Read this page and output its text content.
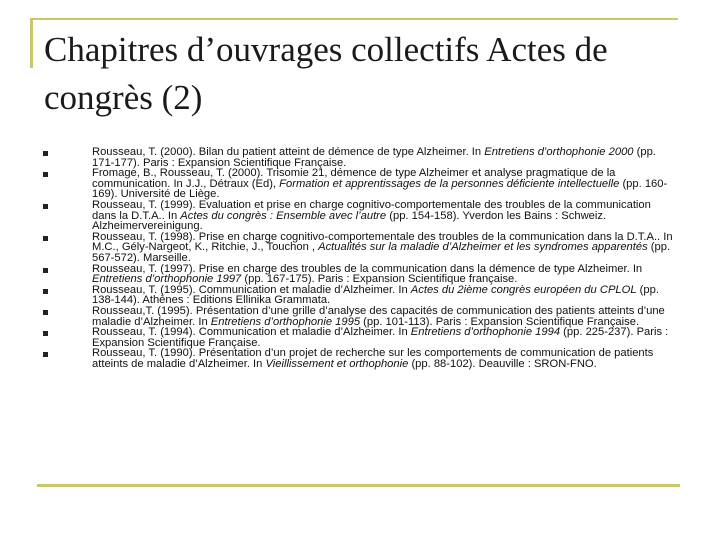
Chapitres d’ouvrages collectifs Actes de congrès (2)
Rousseau, T. (2000). Bilan du patient atteint de démence de type Alzheimer. In Entretiens d’orthophonie 2000 (pp. 171-177). Paris : Expansion Scientifique Française.
Fromage, B., Rousseau, T. (2000). Trisomie 21, démence de type Alzheimer et analyse pragmatique de la communication. In J.J., Détraux (Ed), Formation et apprentissages de la personnes déficiente intellectuelle (pp. 160-169). Université de Liège.
Rousseau, T. (1999). Evaluation et prise en charge cognitivo-comportementale des troubles de la communication dans la D.T.A.. In Actes du congrès : Ensemble avec l’autre (pp. 154-158). Yverdon les Bains : Schweiz. Alzheimervereinigung.
Rousseau, T. (1998). Prise en charge cognitivo-comportementale des troubles de la communication dans la D.T.A.. In M.C., Gély-Nargeot, K., Ritchie, J., Touchon , Actualités sur la maladie d’Alzheimer et les syndromes apparentés (pp. 567-572). Marseille.
Rousseau, T. (1997). Prise en charge des troubles de la communication dans la démence de type Alzheimer. In Entretiens d’orthophonie 1997 (pp. 167-175). Paris : Expansion Scientifique française.
Rousseau, T. (1995). Communication et maladie d’Alzheimer. In Actes du 2ième congrès européen du CPLOL (pp. 138-144). Athènes : Editions Ellinika Grammata.
Rousseau,T. (1995). Présentation d’une grille d’analyse des capacités de communication des patients atteints d’une maladie d’Alzheimer. In Entretiens d’orthophonie 1995 (pp. 101-113). Paris : Expansion Scientifique Française.
Rousseau, T. (1994). Communication et maladie d’Alzheimer. In Entretiens d’orthophonie 1994 (pp. 225-237). Paris : Expansion Scientifique Française.
Rousseau, T. (1990). Présentation d’un projet de recherche sur les comportements de communication de patients atteints de maladie d’Alzheimer. In Vieillissement et orthophonie (pp. 88-102). Deauville : SRON-FNO.
